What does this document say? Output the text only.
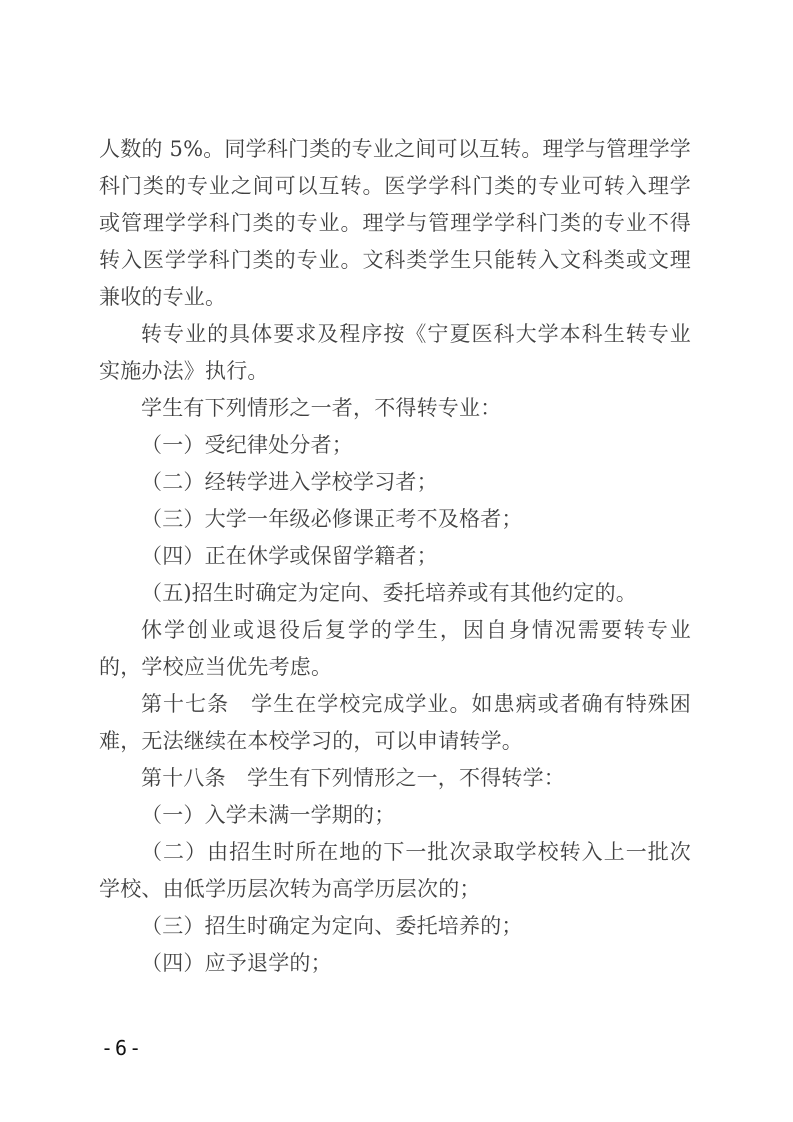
人数的 5%。同学科门类的专业之间可以互转。理学与管理学学科门类的专业之间可以互转。医学学科门类的专业可转入理学或管理学学科门类的专业。理学与管理学学科门类的专业不得转入医学学科门类的专业。文科类学生只能转入文科类或文理兼收的专业。

转专业的具体要求及程序按《宁夏医科大学本科生转专业实施办法》执行。

学生有下列情形之一者，不得转专业：

（一）受纪律处分者；

（二）经转学进入学校学习者；

（三）大学一年级必修课正考不及格者；

（四）正在休学或保留学籍者；

（五)招生时确定为定向、委托培养或有其他约定的。

休学创业或退役后复学的学生，因自身情况需要转专业的，学校应当优先考虑。

第十七条　学生在学校完成学业。如患病或者确有特殊困难，无法继续在本校学习的，可以申请转学。

第十八条　学生有下列情形之一，不得转学：

（一）入学未满一学期的；

（二）由招生时所在地的下一批次录取学校转入上一批次学校、由低学历层次转为高学历层次的；

（三）招生时确定为定向、委托培养的；

（四）应予退学的；

-6-
